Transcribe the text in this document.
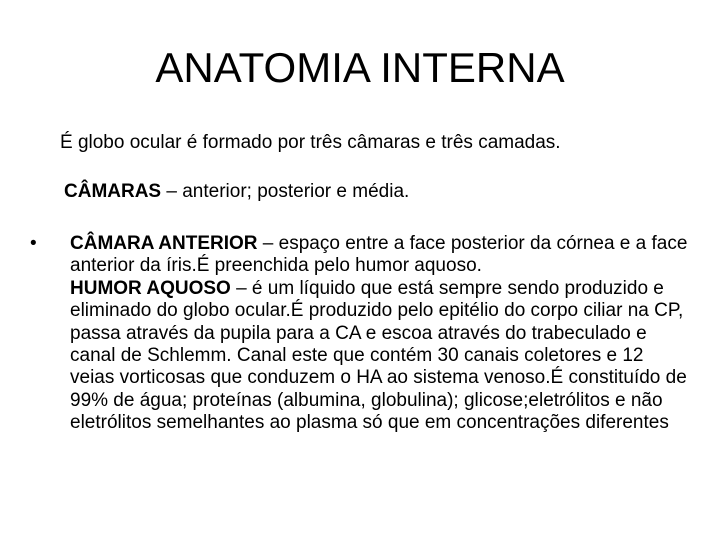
ANATOMIA INTERNA
É globo ocular é formado por três câmaras e três camadas.
CÂMARAS – anterior; posterior e média.
•	CÂMARA ANTERIOR – espaço entre a face posterior da córnea e a face anterior da íris.É preenchida pelo humor aquoso.

HUMOR AQUOSO – é um líquido que está sempre sendo produzido e eliminado do globo ocular.É produzido pelo epitélio do corpo ciliar na CP, passa através da pupila para a CA e escoa através do trabeculado e canal de Schlemm. Canal este que contém 30 canais coletores e 12 veias vorticosas que conduzem o HA ao sistema venoso.É constituído de 99% de água; proteínas (albumina, globulina); glicose;eletrólitos e não eletrólitos semelhantes ao plasma só que em concentrações diferentes
